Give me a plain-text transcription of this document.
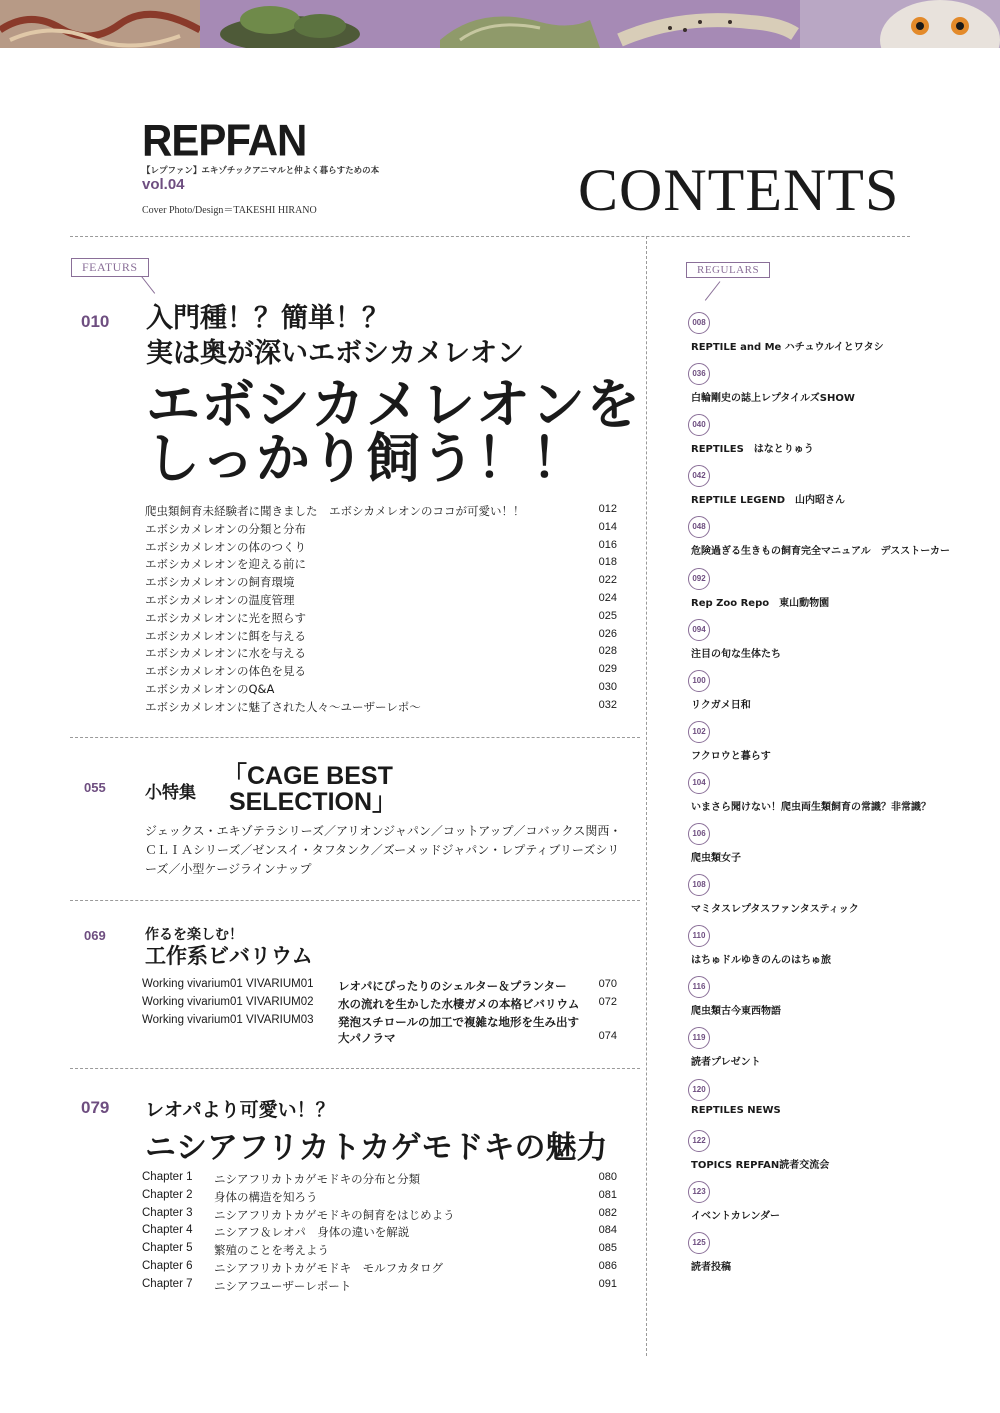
REPFAN
【レプファン】エキゾチックアニマルと仲よく暮らすための本
vol.04
Cover Photo/Design＝TAKESHI HIRANO	CONTENTS
FEATURS
010 入門種！？簡単！？
実は奥が深いエボシカメレオン
エボシカメレオンを
しっかり飼う！！
爬虫類飼育未経験者に聞きました　エボシカメレオンのココが可愛い！！	012
エボシカメレオンの分類と分布	014
エボシカメレオンの体のつくり	016
エボシカメレオンを迎える前に	018
エボシカメレオンの飼育環境	022
エボシカメレオンの温度管理	024
エボシカメレオンに光を照らす	025
エボシカメレオンに餌を与える	026
エボシカメレオンに水を与える	028
エボシカメレオンの体色を見る	029
エボシカメレオンのQ&A	030
エボシカメレオンに魅了された人々～ユーザーレポ～	032
055 小特集
「CAGE BEST
SELECTION」
ジェックス・エキゾテラシリーズ／アリオンジャパン／コットアップ／コバックス関西・ＣＬＩＡシリーズ／ゼンスイ・タフタンク／ズーメッドジャパン・レプティブリーズシリーズ／小型ケージラインナップ
069	作るを楽しむ！
工作系ビバリウム
Working vivarium01 VIVARIUM01 レオパにぴったりのシェルター＆プランター	070
Working vivarium01 VIVARIUM02 水の流れを生かした水棲ガメの本格ビバリウム	072
Working vivarium01 VIVARIUM03 発泡スチロールの加工で複雑な地形を生み出す大パノラマ	074
079 レオパより可愛い！？
ニシアフリカトカゲモドキの魅力
Chapter 1 ニシアフリカトカゲモドキの分布と分類	080
Chapter 2 身体の構造を知ろう	081
Chapter 3 ニシアフリカトカゲモドキの飼育をはじめよう	082
Chapter 4 ニシアフ＆レオパ　身体の違いを解説	084
Chapter 5 繁殖のことを考えよう	085
Chapter 6 ニシアフリカトカゲモドキ　モルフカタログ	086
Chapter 7 ニシアフユーザーレポート	091
REGULARS
008
REPTILE and Me ハチュウルイとワタシ
036
白輪剛史の誌上レプタイルズSHOW
040
REPTILES　はなとりゅう
042
REPTILE LEGEND　山内昭さん
048
危険過ぎる生きもの飼育完全マニュアル　デスストーカー
092
Rep Zoo Repo　東山動物園
094
注目の旬な生体たち
100
リクガメ日和
102
フクロウと暮らす
104
いまさら聞けない！爬虫両生類飼育の常識？非常識？
106
爬虫類女子
108
マミタスレプタスファンタスティック
110
はちゅドルゆきのんのはちゅ旅
116
爬虫類古今東西物語
119
読者プレゼント
120
REPTILES NEWS
122
TOPICS REPFAN読者交流会
123
イベントカレンダー
125
読者投稿
